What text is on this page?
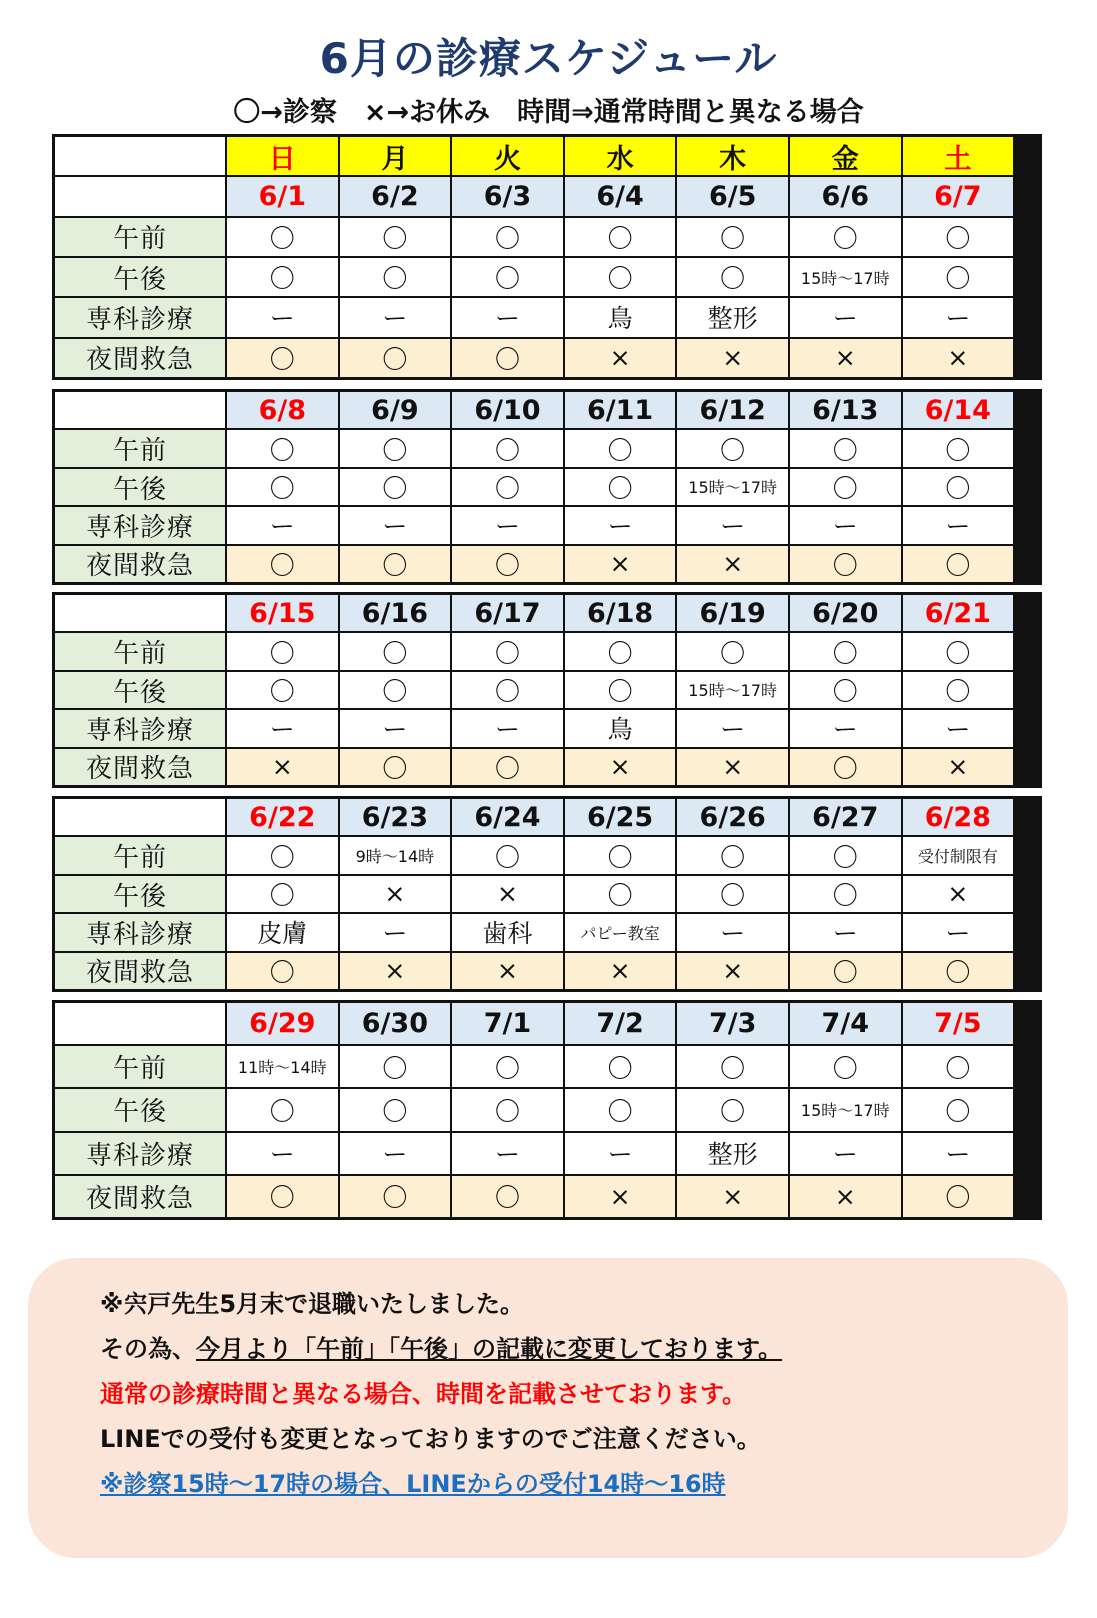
6月の診療スケジュール
〇→診察　×→お休み　時間⇒通常時間と異なる場合
日	月	火	水	木	金	土
6/1	6/2	6/3	6/4	6/5	6/6	6/7
午前	〇	〇	〇	〇	〇	〇	〇
午後	〇	〇	〇	〇	〇	15時～17時	〇
専科診療	ー	ー	ー	鳥	整形	ー	ー
夜間救急	〇	〇	〇	×	×	×	×
6/8	6/9	6/10	6/11	6/12	6/13	6/14
午前	〇	〇	〇	〇	〇	〇	〇
午後	〇	〇	〇	〇	15時～17時	〇	〇
専科診療	ー	ー	ー	ー	ー	ー	ー
夜間救急	〇	〇	〇	×	×	〇	〇
6/15	6/16	6/17	6/18	6/19	6/20	6/21
午前	〇	〇	〇	〇	〇	〇	〇
午後	〇	〇	〇	〇	15時～17時	〇	〇
専科診療	ー	ー	ー	鳥	ー	ー	ー
夜間救急	×	〇	〇	×	×	〇	×
6/22	6/23	6/24	6/25	6/26	6/27	6/28
午前	〇	9時～14時	〇	〇	〇	〇	受付制限有
午後	〇	×	×	〇	〇	〇	×
専科診療	皮膚	ー	歯科	パピー教室	ー	ー	ー
夜間救急	〇	×	×	×	×	〇	〇
6/29	6/30	7/1	7/2	7/3	7/4	7/5
午前	11時～14時	〇	〇	〇	〇	〇	〇
午後	〇	〇	〇	〇	〇	15時～17時	〇
専科診療	ー	ー	ー	ー	整形	ー	ー
夜間救急	〇	〇	〇	×	×	×	〇
※宍戸先生5月末で退職いたしました。
その為、今月より「午前」「午後」の記載に変更しております。
通常の診療時間と異なる場合、時間を記載させております。
LINEでの受付も変更となっておりますのでご注意ください。
※診察15時～17時の場合、LINEからの受付14時～16時
